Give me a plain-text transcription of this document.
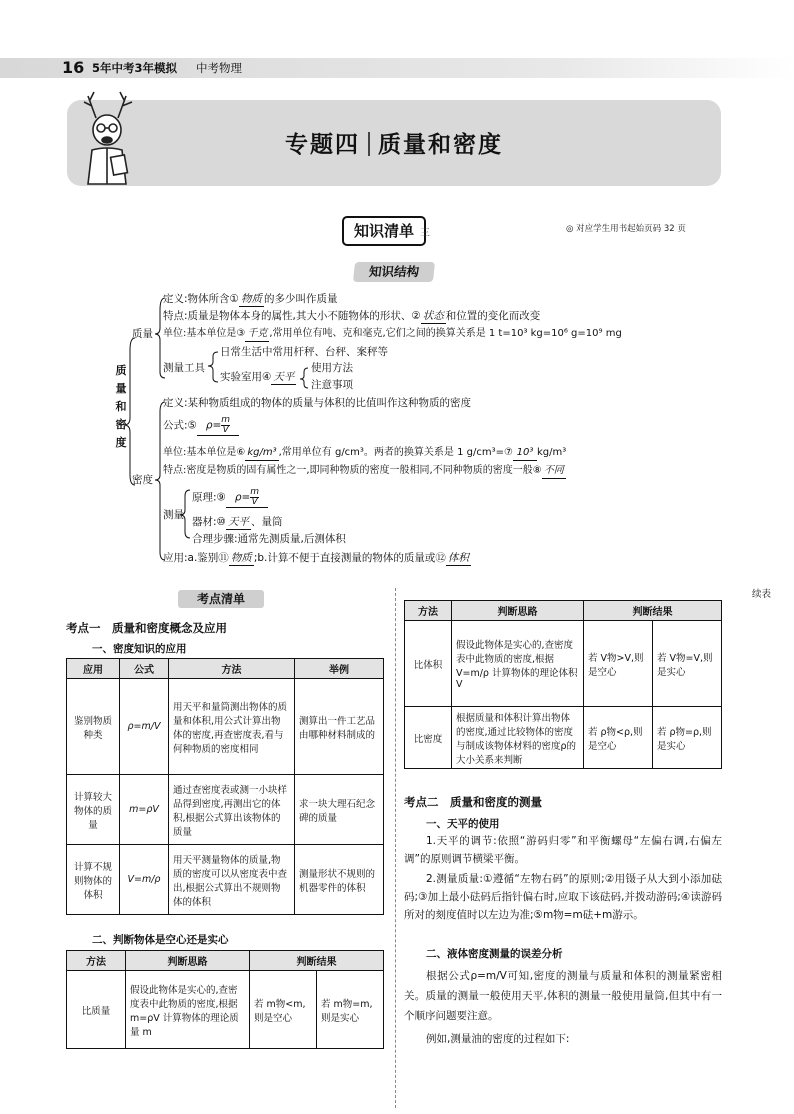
16 5年中考3年模拟 中考物理
专题四 质量和密度
知识清单 三	◎ 对应学生用书起始页码 32 页
知识结构
质
量
和
密
度
质量
定义:物体所含① 物质 的多少叫作质量
特点:质量是物体本身的属性,其大小不随物体的形状、② 状态 和位置的变化而改变
单位:基本单位是③ 千克 ,常用单位有吨、克和毫克,它们之间的换算关系是 1 t=10³ kg=10⁶ g=10⁹ mg
测量工具
日常生活中常用杆秤、台秤、案秤等
实验室用④ 天平
使用方法
注意事项
密度
定义:某种物质组成的物体的质量与体积的比值叫作这种物质的密度
公式:⑤ $\rho= \frac{m}{V}$
单位:基本单位是⑥ kg/m³ ,常用单位有 g/cm³。两者的换算关系是 1 g/cm³=⑦ 10³ kg/m³
特点:密度是物质的固有属性之一,即同种物质的密度一般相同,不同种物质的密度一般⑧ 不同
测量
原理:⑨ $\rho= \frac{m}{V}$
器材:⑩ 天平 、量筒
合理步骤:通常先测质量,后测体积
应用:a.鉴别⑪ 物质 ;b.计算不便于直接测量的物体的质量或⑫ 体积
考点清单	续表
考点一　质量和密度概念及应用
一、密度知识的应用
应用	公式	方法	举例
鉴别物质种类	ρ=m/V	用天平和量筒测出物体的质量和体积,用公式计算出物体的密度,再查密度表,看与何种物质的密度相同	测算出一件工艺品由哪种材料制成的
计算较大物体的质量	m=ρV	通过查密度表或测一小块样品得到密度,再测出它的体积,根据公式算出该物体的质量	求一块大理石纪念碑的质量
计算不规则物体的体积	V=m/ρ	用天平测量物体的质量,物质的密度可以从密度表中查出,根据公式算出不规则物体的体积	测量形状不规则的机器零件的体积
二、判断物体是空心还是实心
方法	判断思路	判断结果	
比质量	假设此物体是实心的,查密度表中此物质的密度,根据 m=ρV 计算物体的理论质量 m	若 m物<m,则是空心	若 m物=m,则是实心
方法	判断思路	判断结果	
比体积	假设此物体是实心的,查密度表中此物质的密度,根据 V=m/ρ 计算物体的理论体积 V	若 V物>V,则是空心	若 V物=V,则是实心
比密度	根据质量和体积计算出物体的密度,通过比较物体的密度与制成该物体材料的密度ρ的大小关系来判断	若 ρ物<ρ,则是空心	若 ρ物=ρ,则是实心
考点二　质量和密度的测量
一、天平的使用
1.天平的调节:依照“游码归零”和平衡螺母“左偏右调,右偏左调”的原则调节横梁平衡。
2.测量质量:①遵循“左物右码”的原则;②用镊子从大到小添加砝码;③加上最小砝码后指针偏右时,应取下该砝码,并拨动游码;④读游码所对的刻度值时以左边为准;⑤m物=m砝+m游示。
二、液体密度测量的误差分析
根据公式ρ=m/V可知,密度的测量与质量和体积的测量紧密相关。质量的测量一般使用天平,体积的测量一般使用量筒,但其中有一个顺序问题要注意。
例如,测量油的密度的过程如下:
